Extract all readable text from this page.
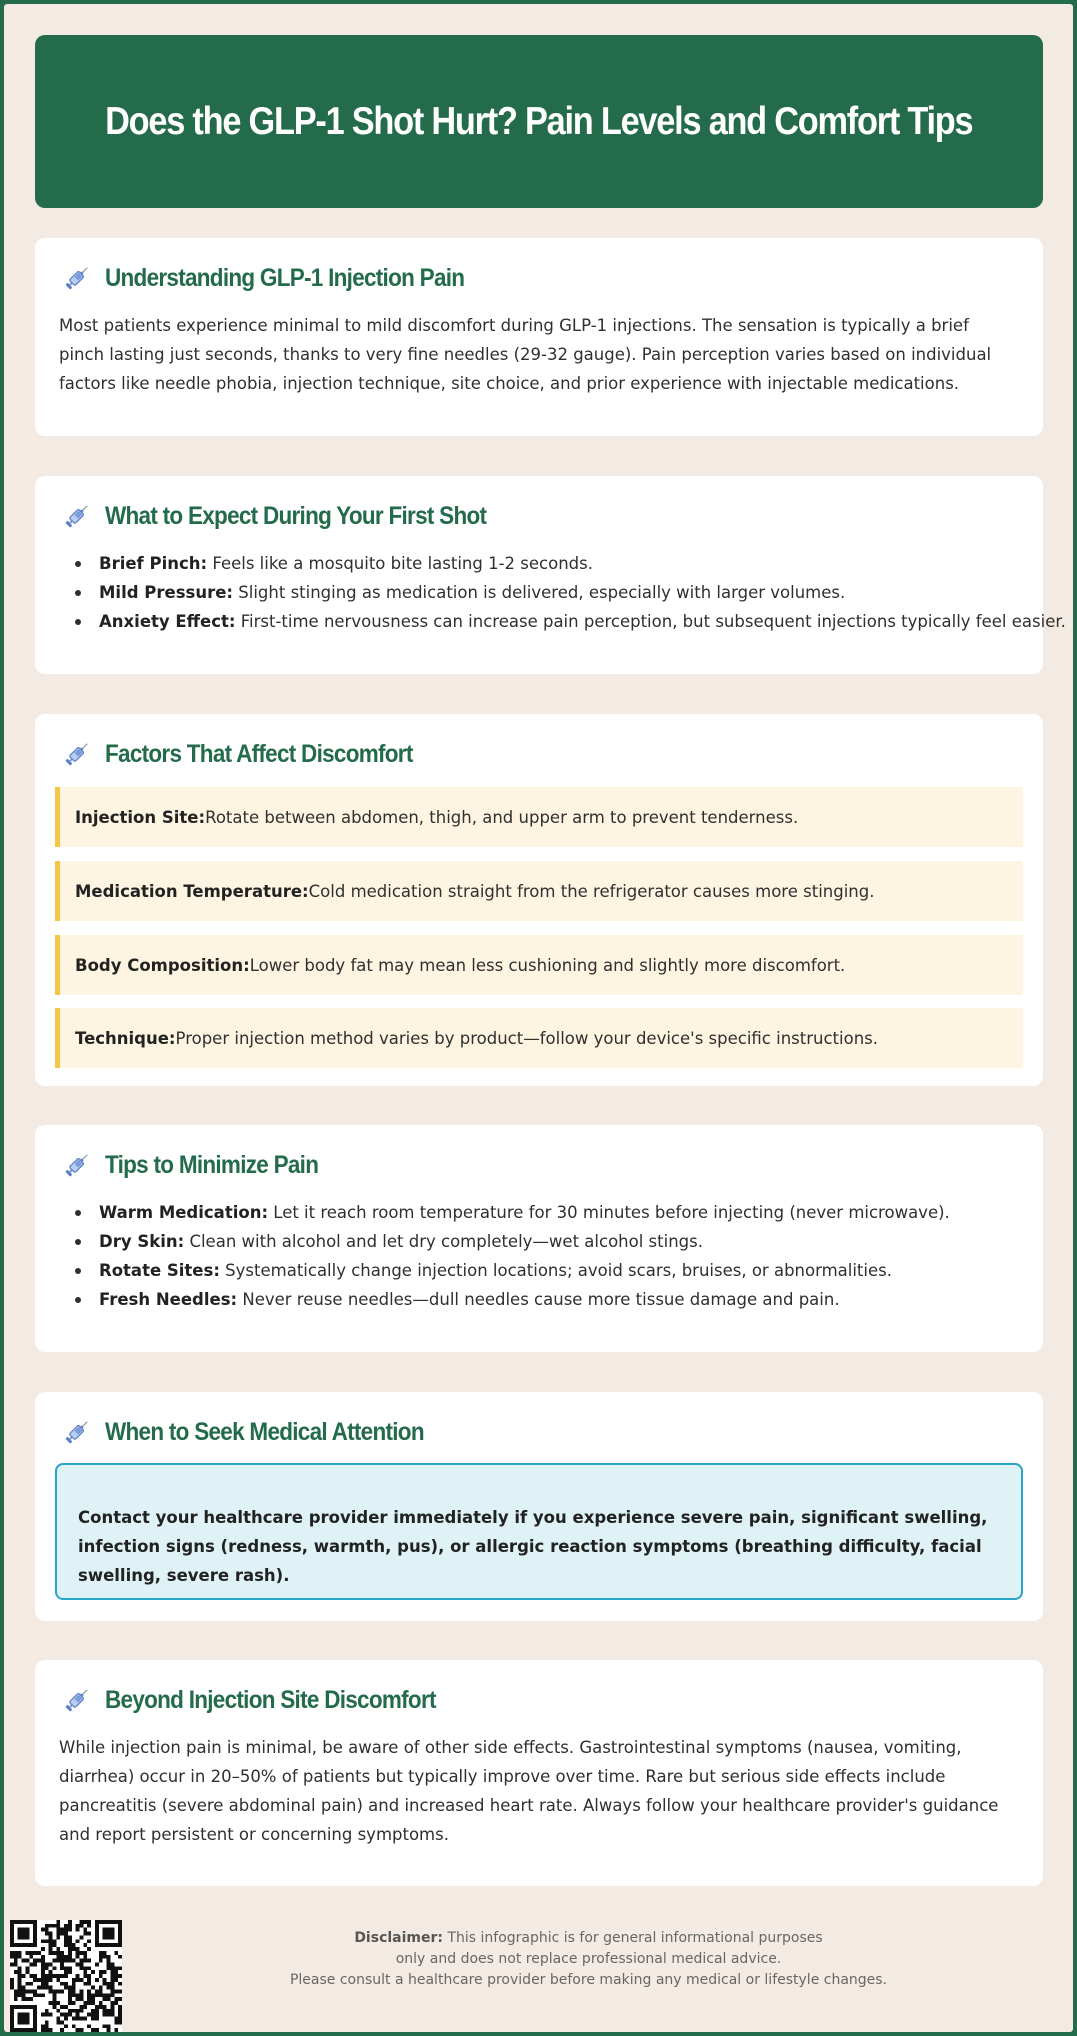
Does the GLP-1 Shot Hurt? Pain Levels and Comfort Tips
Understanding GLP-1 Injection Pain

Most patients experience minimal to mild discomfort during GLP-1 injections. The sensation is typically a brief pinch lasting just seconds, thanks to very fine needles (29-32 gauge). Pain perception varies based on individual factors like needle phobia, injection technique, site choice, and prior experience with injectable medications.

What to Expect During Your First Shot
Brief Pinch: Feels like a mosquito bite lasting 1-2 seconds.
Mild Pressure: Slight stinging as medication is delivered, especially with larger volumes.
Anxiety Effect: First-time nervousness can increase pain perception, but subsequent injections typically feel easier.
Factors That Affect Discomfort
Injection Site: Rotate between abdomen, thigh, and upper arm to prevent tenderness.
Medication Temperature: Cold medication straight from the refrigerator causes more stinging.
Body Composition: Lower body fat may mean less cushioning and slightly more discomfort.
Technique: Proper injection method varies by product—follow your device's specific instructions.
Tips to Minimize Pain
Warm Medication: Let it reach room temperature for 30 minutes before injecting (never microwave).
Dry Skin: Clean with alcohol and let dry completely—wet alcohol stings.
Rotate Sites: Systematically change injection locations; avoid scars, bruises, or abnormalities.
Fresh Needles: Never reuse needles—dull needles cause more tissue damage and pain.
When to Seek Medical Attention
Contact your healthcare provider immediately if you experience severe pain, significant swelling, infection signs (redness, warmth, pus), or allergic reaction symptoms (breathing difficulty, facial swelling, severe rash).
Beyond Injection Site Discomfort

While injection pain is minimal, be aware of other side effects. Gastrointestinal symptoms (nausea, vomiting, diarrhea) occur in 20–50% of patients but typically improve over time. Rare but serious side effects include pancreatitis (severe abdominal pain) and increased heart rate. Always follow your healthcare provider's guidance and report persistent or concerning symptoms.

Disclaimer: This infographic is for general informational purposes
only and does not replace professional medical advice.
Please consult a healthcare provider before making any medical or lifestyle changes.
